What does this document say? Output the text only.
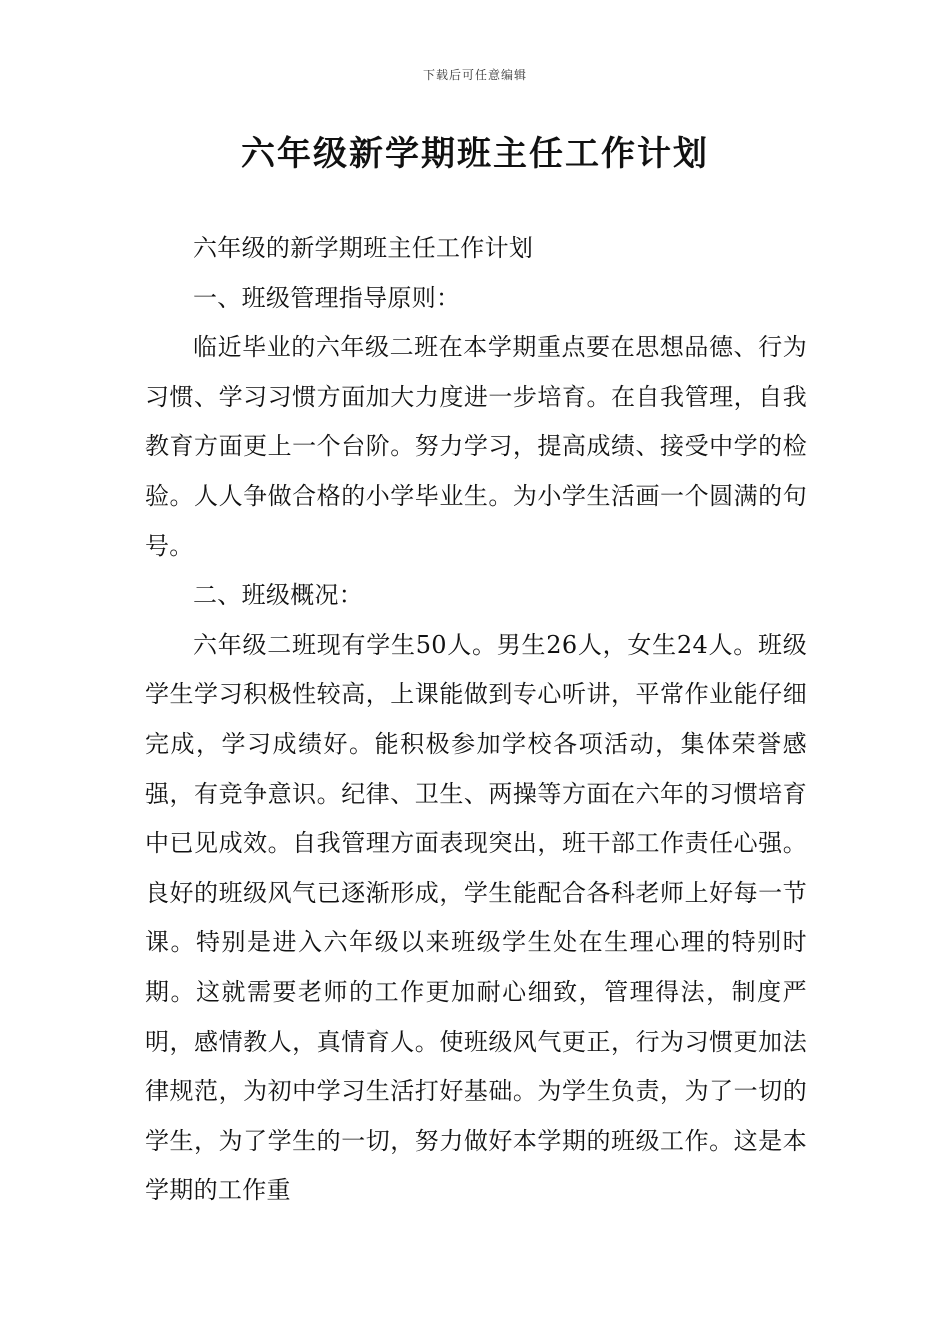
下载后可任意编辑
六年级新学期班主任工作计划

六年级的新学期班主任工作计划

一、班级管理指导原则：

临近毕业的六年级二班在本学期重点要在思想品德、行为习惯、学习习惯方面加大力度进一步培育。在自我管理，自我教育方面更上一个台阶。努力学习，提高成绩、接受中学的检验。人人争做合格的小学毕业生。为小学生活画一个圆满的句号。

二、班级概况：

六年级二班现有学生50人。男生26人，女生24人。班级学生学习积极性较高，上课能做到专心听讲，平常作业能仔细完成，学习成绩好。能积极参加学校各项活动，集体荣誉感强，有竞争意识。纪律、卫生、两操等方面在六年的习惯培育中已见成效。自我管理方面表现突出，班干部工作责任心强。良好的班级风气已逐渐形成，学生能配合各科老师上好每一节课。特别是进入六年级以来班级学生处在生理心理的特别时期。这就需要老师的工作更加耐心细致，管理得法，制度严明，感情教人，真情育人。使班级风气更正，行为习惯更加法律规范，为初中学习生活打好基础。为学生负责，为了一切的学生，为了学生的一切，努力做好本学期的班级工作。这是本学期的工作重
